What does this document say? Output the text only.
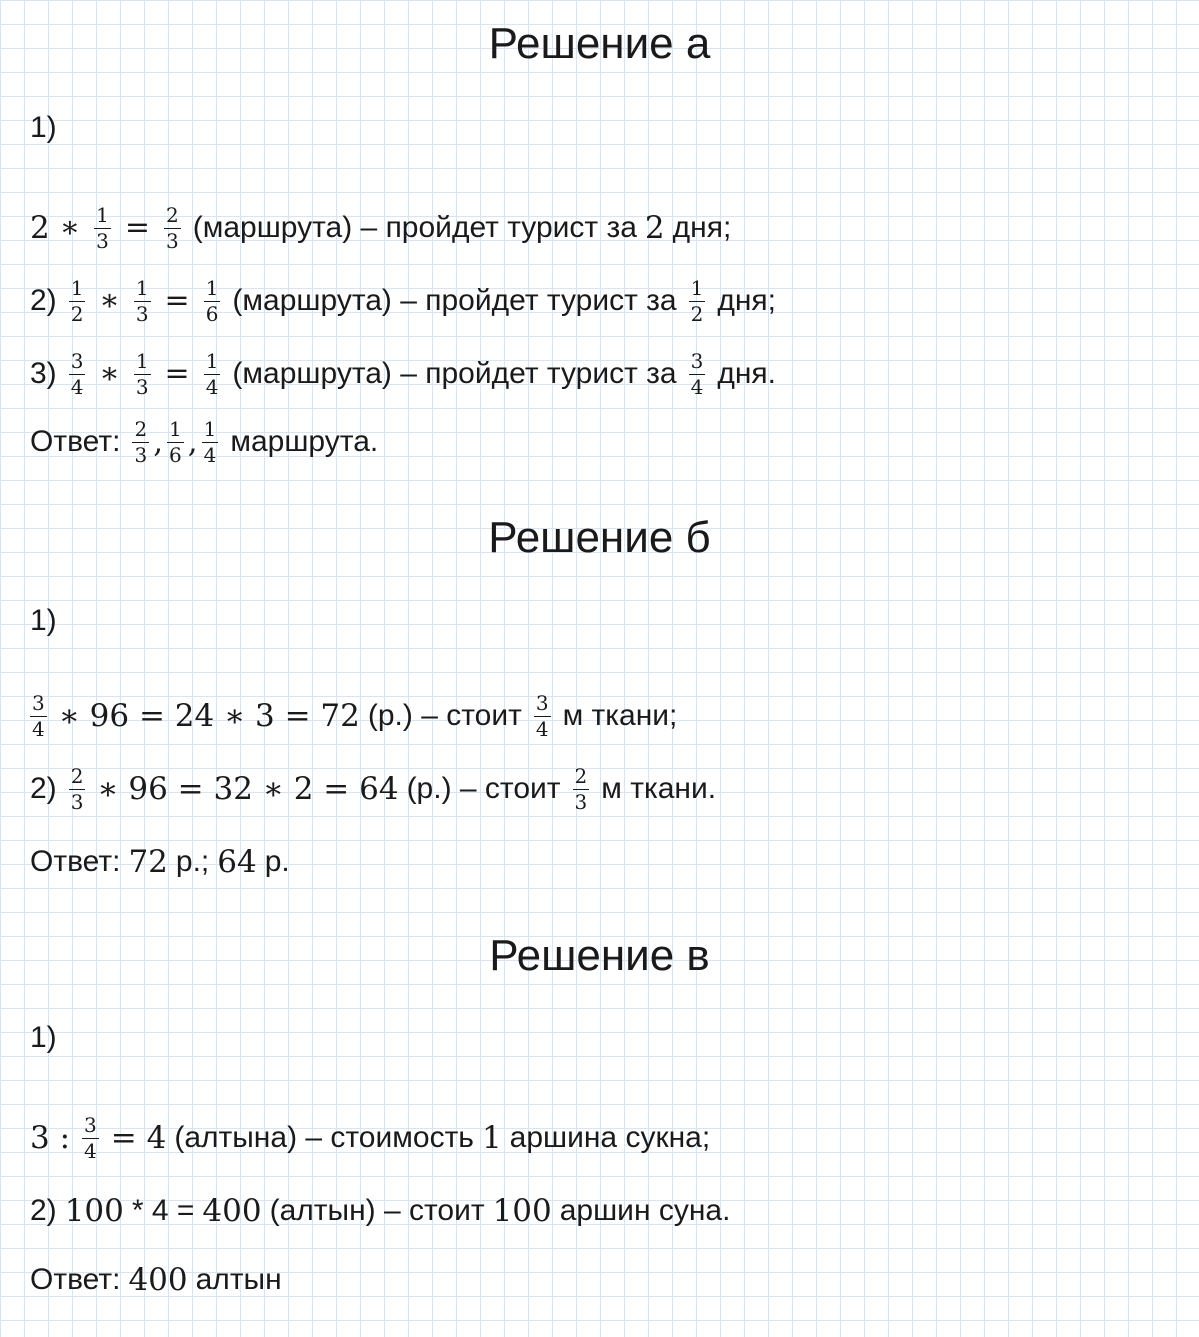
Решение а
1)
2 ∗ $\frac{1}{3} = \frac{2}{3}$ (маршрута) – пройдет турист за 2 дня;
$2) \frac{1}{2}$ ∗ $\frac{1}{3} = \frac{1}{6}$ (маршрута) – пройдет турист за $\frac{1}{2}$ дня;
$3) \frac{3}{4}$ ∗ $\frac{1}{3} = \frac{1}{4}$ (маршрута) – пройдет турист за $\frac{3}{4}$ дня.
Ответ: $\frac{2}{3}$ , $\frac{1}{6}$ , $\frac{1}{4}$ маршрута.
Решение б
1)
$\frac{3}{4}$ ∗ 96 = 24 ∗ 3 = 72 (р.) – стоит $\frac{3}{4}$ м ткани;
$2) \frac{2}{3}$ ∗ 96 = 32 ∗ 2 = 64 (р.) – стоит $\frac{2}{3}$ м ткани.
Ответ: 72 р.; 64 р.
Решение в
1)
3 : $\frac{3}{4} = 4$ (алтына) – стоимость 1 аршина сукна;
2) 100 * 4 = 400 (алтын) – стоит 100 аршин суна.
Ответ: 400 алтын
